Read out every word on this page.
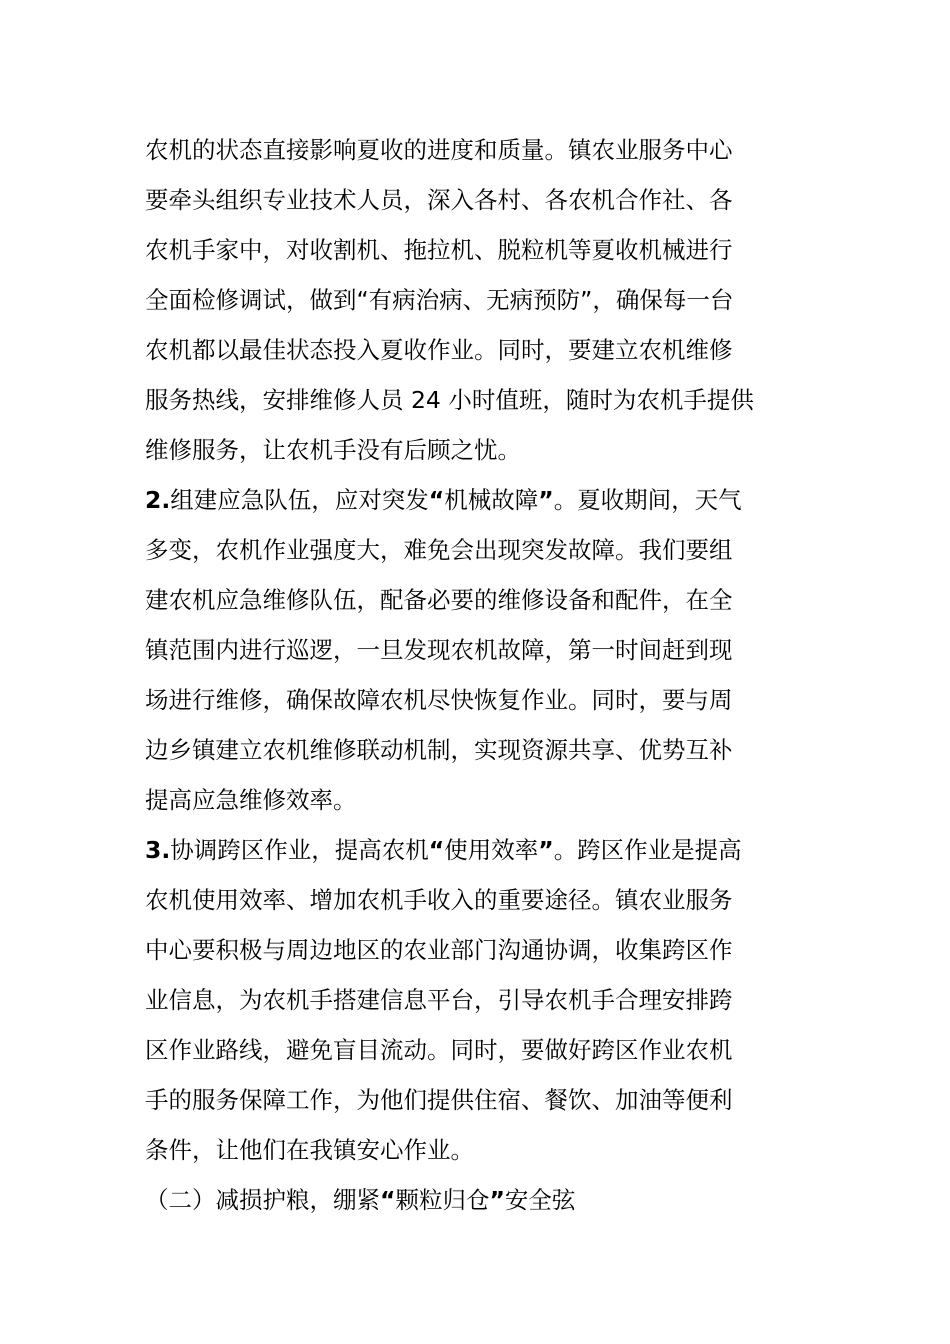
农机的状态直接影响夏收的进度和质量。镇农业服务中心
要牵头组织专业技术人员，深入各村、各农机合作社、各
农机手家中，对收割机、拖拉机、脱粒机等夏收机械进行
全面检修调试，做到“有病治病、无病预防”，确保每一台
农机都以最佳状态投入夏收作业。同时，要建立农机维修
服务热线，安排维修人员 24 小时值班，随时为农机手提供
维修服务，让农机手没有后顾之忧。
2.组建应急队伍，应对突发“机械故障”。夏收期间，天气
多变，农机作业强度大，难免会出现突发故障。我们要组
建农机应急维修队伍，配备必要的维修设备和配件，在全
镇范围内进行巡逻，一旦发现农机故障，第一时间赶到现
场进行维修，确保故障农机尽快恢复作业。同时，要与周
边乡镇建立农机维修联动机制，实现资源共享、优势互补
提高应急维修效率。
3.协调跨区作业，提高农机“使用效率”。跨区作业是提高
农机使用效率、增加农机手收入的重要途径。镇农业服务
中心要积极与周边地区的农业部门沟通协调，收集跨区作
业信息，为农机手搭建信息平台，引导农机手合理安排跨
区作业路线，避免盲目流动。同时，要做好跨区作业农机
手的服务保障工作，为他们提供住宿、餐饮、加油等便利
条件，让他们在我镇安心作业。
（二）减损护粮，绷紧“颗粒归仓”安全弦
